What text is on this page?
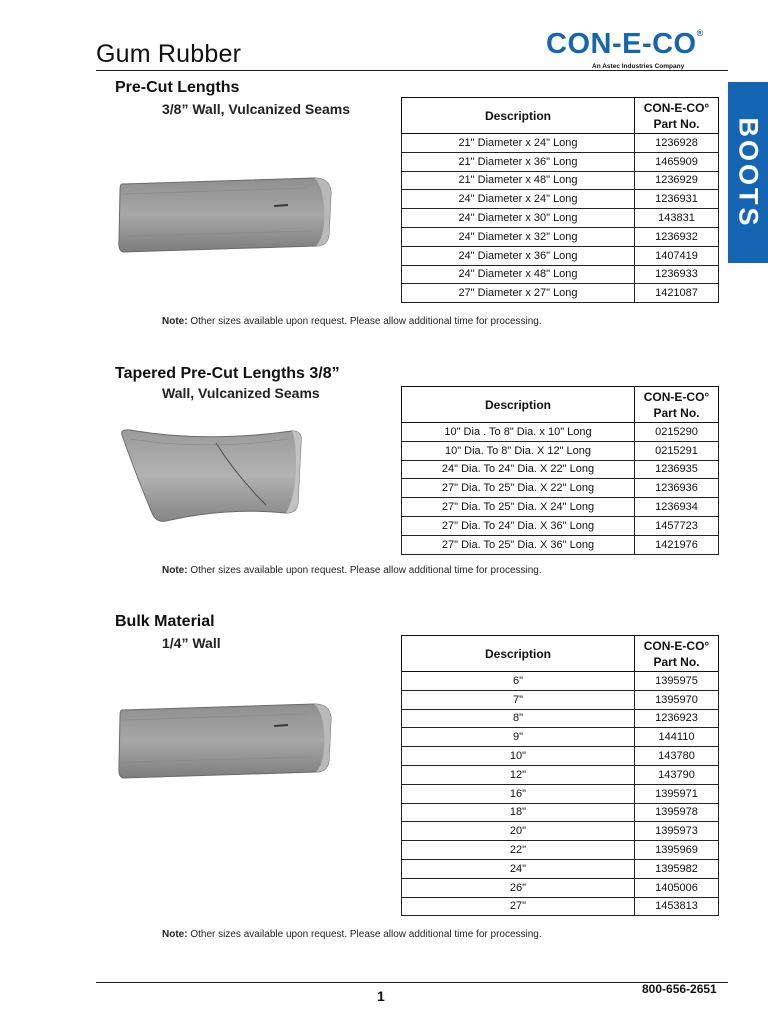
Gum Rubber	CON-E-CO®
An Astec Industries Company
BOOTS
Pre-Cut Lengths
3/8” Wall, Vulcanized Seams	Description	CON-E-CO°
Part No.
21" Diameter x 24" Long	1236928
21" Diameter x 36" Long	1465909
21" Diameter x 48" Long	1236929
24" Diameter x 24" Long	1236931
24" Diameter x 30" Long	143831
24" Diameter x 32" Long	1236932
24" Diameter x 36" Long	1407419
24" Diameter x 48" Long	1236933
27" Diameter x 27" Long	1421087
Note: Other sizes available upon request. Please allow additional time for processing.
Tapered Pre-Cut Lengths 3/8”
Wall, Vulcanized Seams
Description	CON-E-CO°
Part No.
10" Dia . To 8" Dia. x 10" Long	0215290
10" Dia. To 8" Dia. X 12" Long	0215291
24" Dia. To 24" Dia. X 22" Long	1236935
27" Dia. To 25" Dia. X 22" Long	1236936
27" Dia. To 25" Dia. X 24" Long	1236934
27" Dia. To 24" Dia. X 36" Long	1457723
27" Dia. To 25" Dia. X 36" Long	1421976
Note: Other sizes available upon request. Please allow additional time for processing.
Bulk Material
1/4” Wall
Description	CON-E-CO°
Part No.
6"	1395975
7"	1395970
8"	1236923
9"	144110
10"	143780
12"	143790
16"	1395971
18"	1395978
20"	1395973
22"	1395969
24"	1395982
26"	1405006
27"	1453813
Note: Other sizes available upon request. Please allow additional time for processing.
1	800-656-2651
